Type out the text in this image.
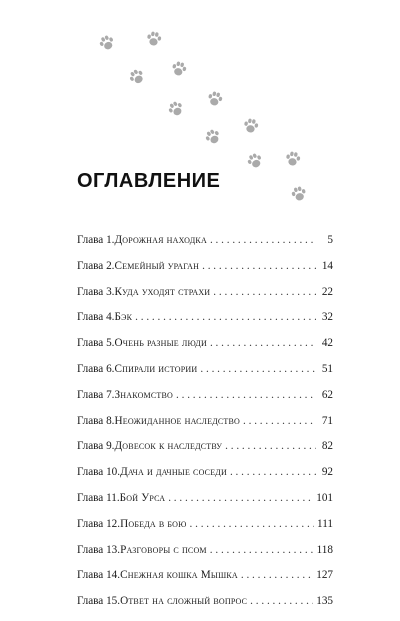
ОГЛАВЛЕНИЕ
Глава 1. Дорожная находка . . .	5
Глава 2. Семейный ураган . . .	14
Глава 3. Куда уходят страхи . . .	22
Глава 4. Бэк . . .	32
Глава 5. Очень разные люди . . .	42
Глава 6. Спирали истории . . .	51
Глава 7. Знакомство . . .	62
Глава 8. Неожиданное наследство . . .	71
Глава 9. Довесок к наследству . . .	82
Глава 10. Дача и дачные соседи . . .	92
Глава 11. Бой Урса . . .	101
Глава 12. Победа в бою . . .	111
Глава 13. Разговоры с псом . . .	118
Глава 14. Снежная кошка Мышка . . .	127
Глава 15. Ответ на сложный вопрос . . .	135
